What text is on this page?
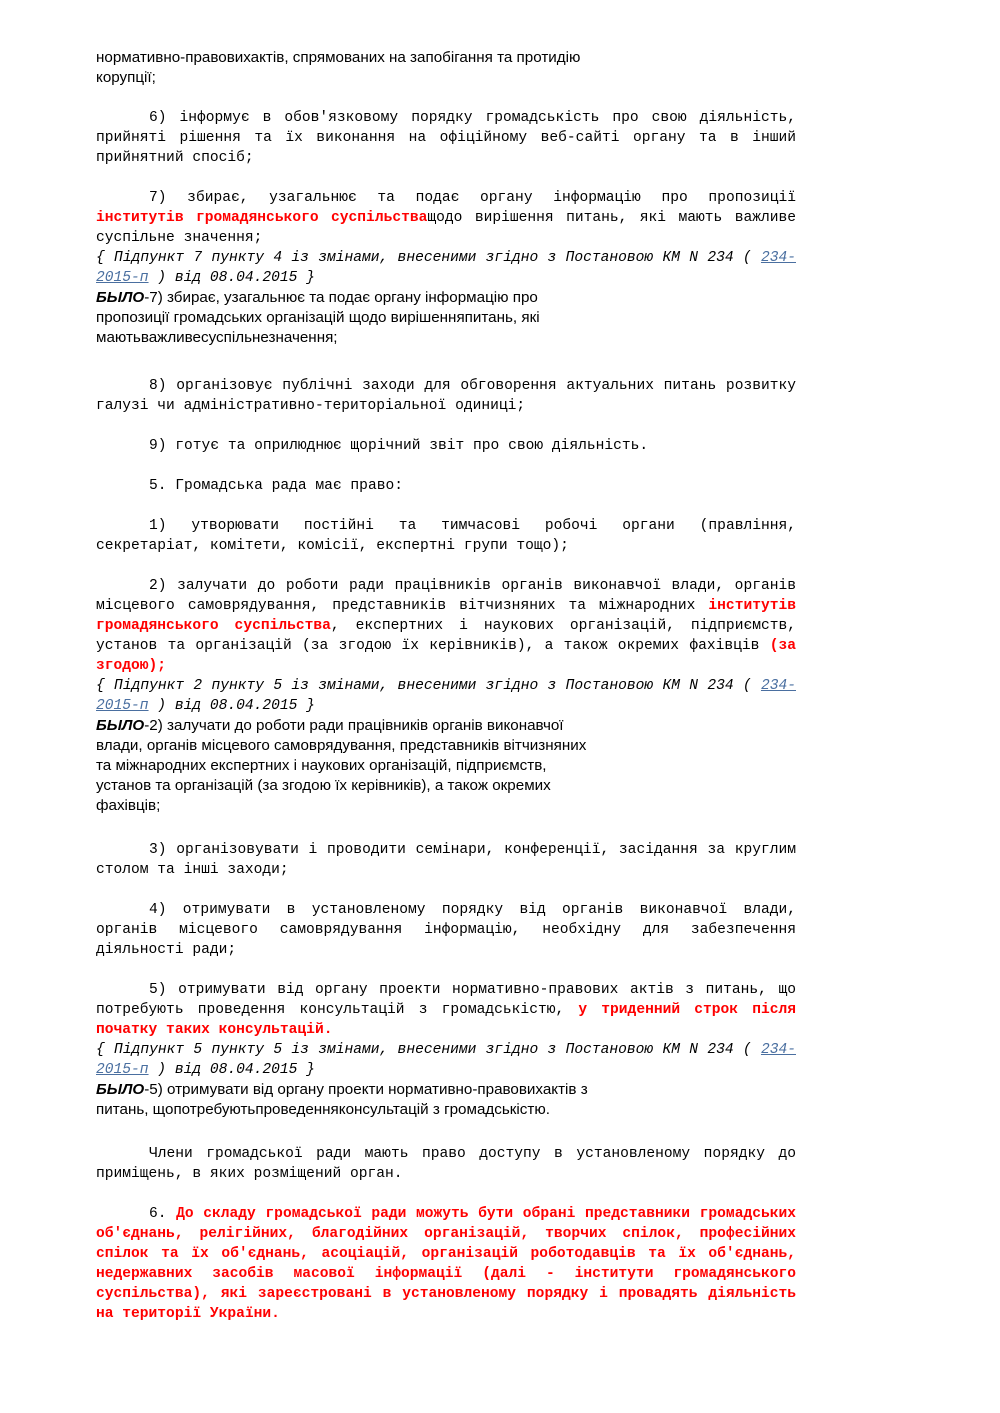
нормативно-правовихактів, спрямованих на запобігання та протидію

корупції;

6) інформує в обов'язковому порядку громадськість про свою діяльність, прийняті рішення та їх виконання на офіційному веб-сайті органу та в інший прийнятний спосіб;

7) збирає, узагальнює та подає органу інформацію про пропозиції інститутів громадянського суспільстващодо вирішення питань, які мають важливе суспільне значення;

{ Підпункт 7 пункту 4 із змінами, внесеними згідно з Постановою КМ N 234 ( 234-2015-п ) від 08.04.2015 }

БЫЛО-7) збирає, узагальнює та подає органу інформацію про

пропозиції громадських організацій щодо вирішенняпитань, які

маютьважливесуспільнезначення;

8) організовує публічні заходи для обговорення актуальних питань розвитку галузі чи адміністративно-територіальної одиниці;

9) готує та оприлюднює щорічний звіт про свою діяльність.

5. Громадська рада має право:

1) утворювати постійні та тимчасові робочі органи (правління, секретаріат, комітети, комісії, експертні групи тощо);

2) залучати до роботи ради працівників органів виконавчої влади, органів місцевого самоврядування, представників вітчизняних та міжнародних інститутів громадянського суспільства, експертних і наукових організацій, підприємств, установ та організацій (за згодою їх керівників), а також окремих фахівців (за згодою);

{ Підпункт 2 пункту 5 із змінами, внесеними згідно з Постановою КМ N 234 ( 234-2015-п ) від 08.04.2015 }

БЫЛО-2) залучати до роботи ради працівників органів виконавчої

влади, органів місцевого самоврядування, представників вітчизняних

та міжнародних експертних і наукових організацій, підприємств,

установ та організацій (за згодою їх керівників), а також окремих

фахівців;

3) організовувати і проводити семінари, конференції, засідання за круглим столом та інші заходи;

4) отримувати в установленому порядку від органів виконавчої влади, органів місцевого самоврядування інформацію, необхідну для забезпечення діяльності ради;

5) отримувати від органу проекти нормативно-правових актів з питань, що потребують проведення консультацій з громадськістю, у триденний строк після початку таких консультацій.

{ Підпункт 5 пункту 5 із змінами, внесеними згідно з Постановою КМ N 234 ( 234-2015-п ) від 08.04.2015 }

БЫЛО-5) отримувати від органу проекти нормативно-правовихактів з

питань, щопотребуютьпроведенняконсультацій з громадськістю.

Члени громадської ради мають право доступу в установленому порядку до приміщень, в яких розміщений орган.

6. До складу громадської ради можуть бути обрані представники громадських об'єднань, релігійних, благодійних організацій, творчих спілок, професійних спілок та їх об'єднань, асоціацій, організацій роботодавців та їх об'єднань, недержавних засобів масової інформації (далі - інститути громадянського суспільства), які зареєстровані в установленому порядку і провадять діяльність на території України.
